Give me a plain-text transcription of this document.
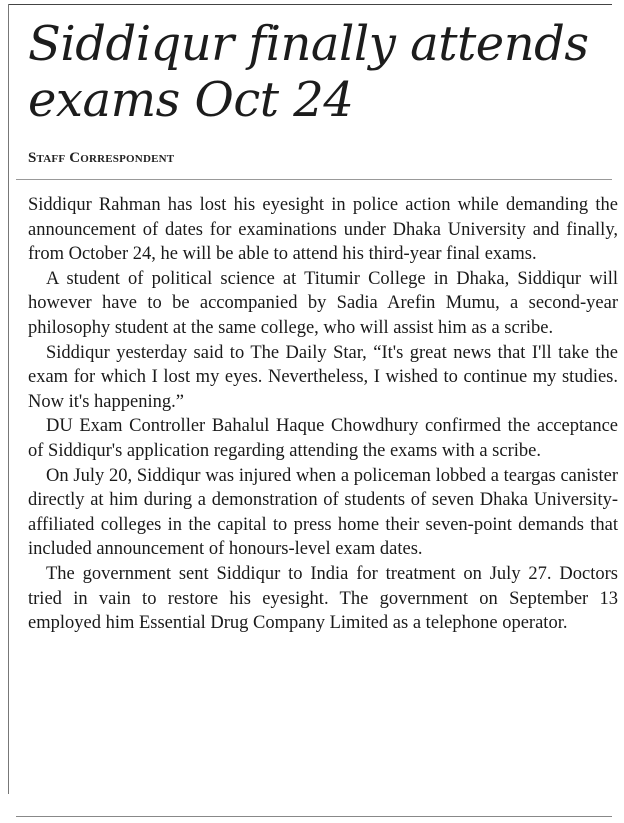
Siddiqur finally attends
exams Oct 24

Staff Correspondent

Siddiqur Rahman has lost his eyesight in police action while demanding the announcement of dates for examinations under Dhaka University and finally, from October 24, he will be able to attend his third-year final exams.

A student of political science at Titumir College in Dhaka, Siddiqur will however have to be accompanied by Sadia Arefin Mumu, a second-year philosophy student at the same college, who will assist him as a scribe.

Siddiqur yesterday said to The Daily Star, “It's great news that I'll take the exam for which I lost my eyes. Nevertheless, I wished to continue my studies. Now it's happening.”

DU Exam Controller Bahalul Haque Chowdhury confirmed the acceptance of Siddiqur's application regarding attending the exams with a scribe.

On July 20, Siddiqur was injured when a policeman lobbed a teargas canister directly at him during a demonstration of students of seven Dhaka University-affiliated colleges in the capital to press home their seven-point demands that included announcement of honours-level exam dates.

The government sent Siddiqur to India for treatment on July 27. Doctors tried in vain to restore his eyesight. The government on September 13 employed him Essential Drug Company Limited as a telephone operator.
